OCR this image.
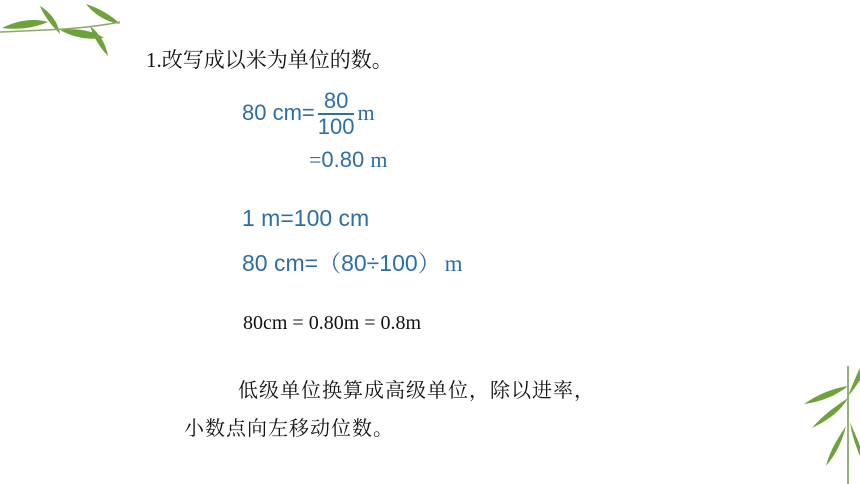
1.改写成以米为单位的数。
80 $cm= \frac{80}{100}$ m
=0.80 m
1 m=100 cm
80 cm=（80÷100） m
80cm = 0.80m = 0.8m
低级单位换算成高级单位，除以进率，
小数点向左移动位数。
